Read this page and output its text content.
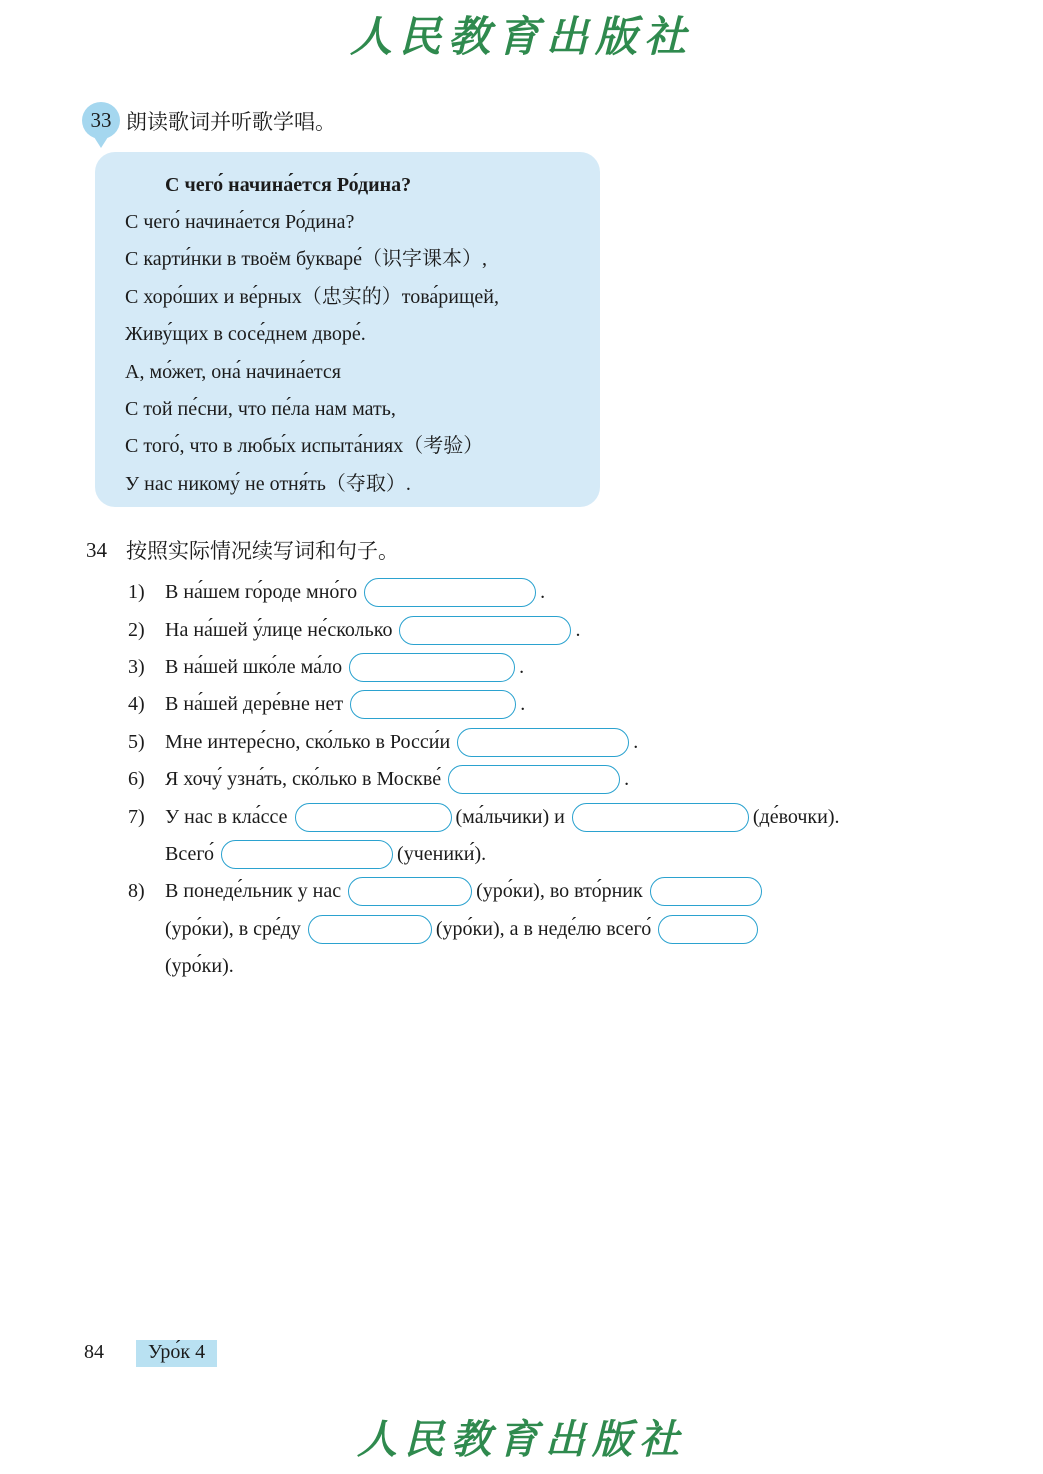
人民教育出版社
33 朗读歌词并听歌学唱。
С чего́ начина́ется Ро́дина?
С чего́ начина́ется Ро́дина?
С карти́нки в твоём букваре́（识字课本）,
С хоро́ших и ве́рных（忠实的）това́рищей,
Живу́щих в сосе́днем дворе́.
А, мо́жет, она́ начина́ется
С той пе́сни, что пе́ла нам мать,
С того́, что в любы́х испыта́ниях（考验）
У нас никому́ не отня́ть（夺取）.
34 按照实际情况续写词和句子。
1)	В на́шем го́роде мно́го	.
2)	На на́шей у́лице не́сколько	.
3)	В на́шей шко́ле ма́ло	.
4)	В на́шей дере́вне нет	.
5)	Мне интере́сно, ско́лько в Росси́и	.
6)	Я хочу́ узна́ть, ско́лько в Москве́	.
7)	У нас в кла́ссе	(ма́льчики) и	(де́вочки).
Всего́	(ученики́).
8)	В понеде́льник у нас	(уро́ки), во вто́рник
(уро́ки), в сре́ду	(уро́ки), а в неде́лю всего́
(уро́ки).
84	Уро́к 4
人民教育出版社
